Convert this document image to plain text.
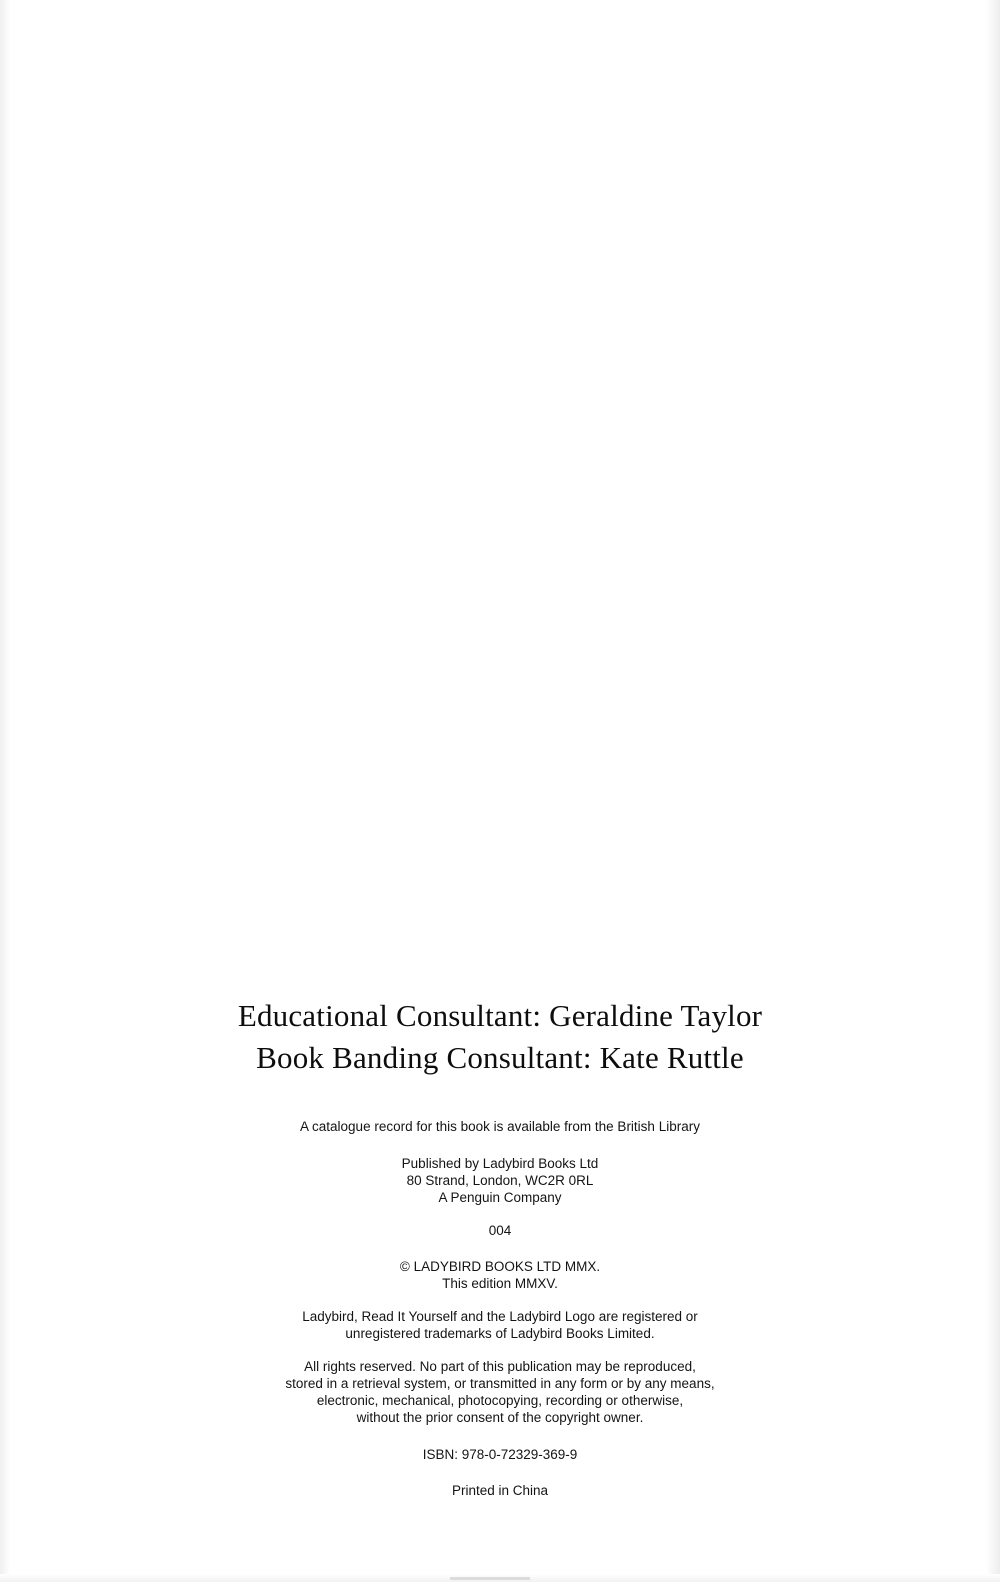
Educational Consultant: Geraldine Taylor
Book Banding Consultant: Kate Ruttle

A catalogue record for this book is available from the British Library

Published by Ladybird Books Ltd

80 Strand, London, WC2R 0RL

A Penguin Company

004

© LADYBIRD BOOKS LTD MMX.

This edition MMXV.

Ladybird, Read It Yourself and the Ladybird Logo are registered or

unregistered trademarks of Ladybird Books Limited.

All rights reserved. No part of this publication may be reproduced,

stored in a retrieval system, or transmitted in any form or by any means,

electronic, mechanical, photocopying, recording or otherwise,

without the prior consent of the copyright owner.

ISBN: 978-0-72329-369-9

Printed in China
